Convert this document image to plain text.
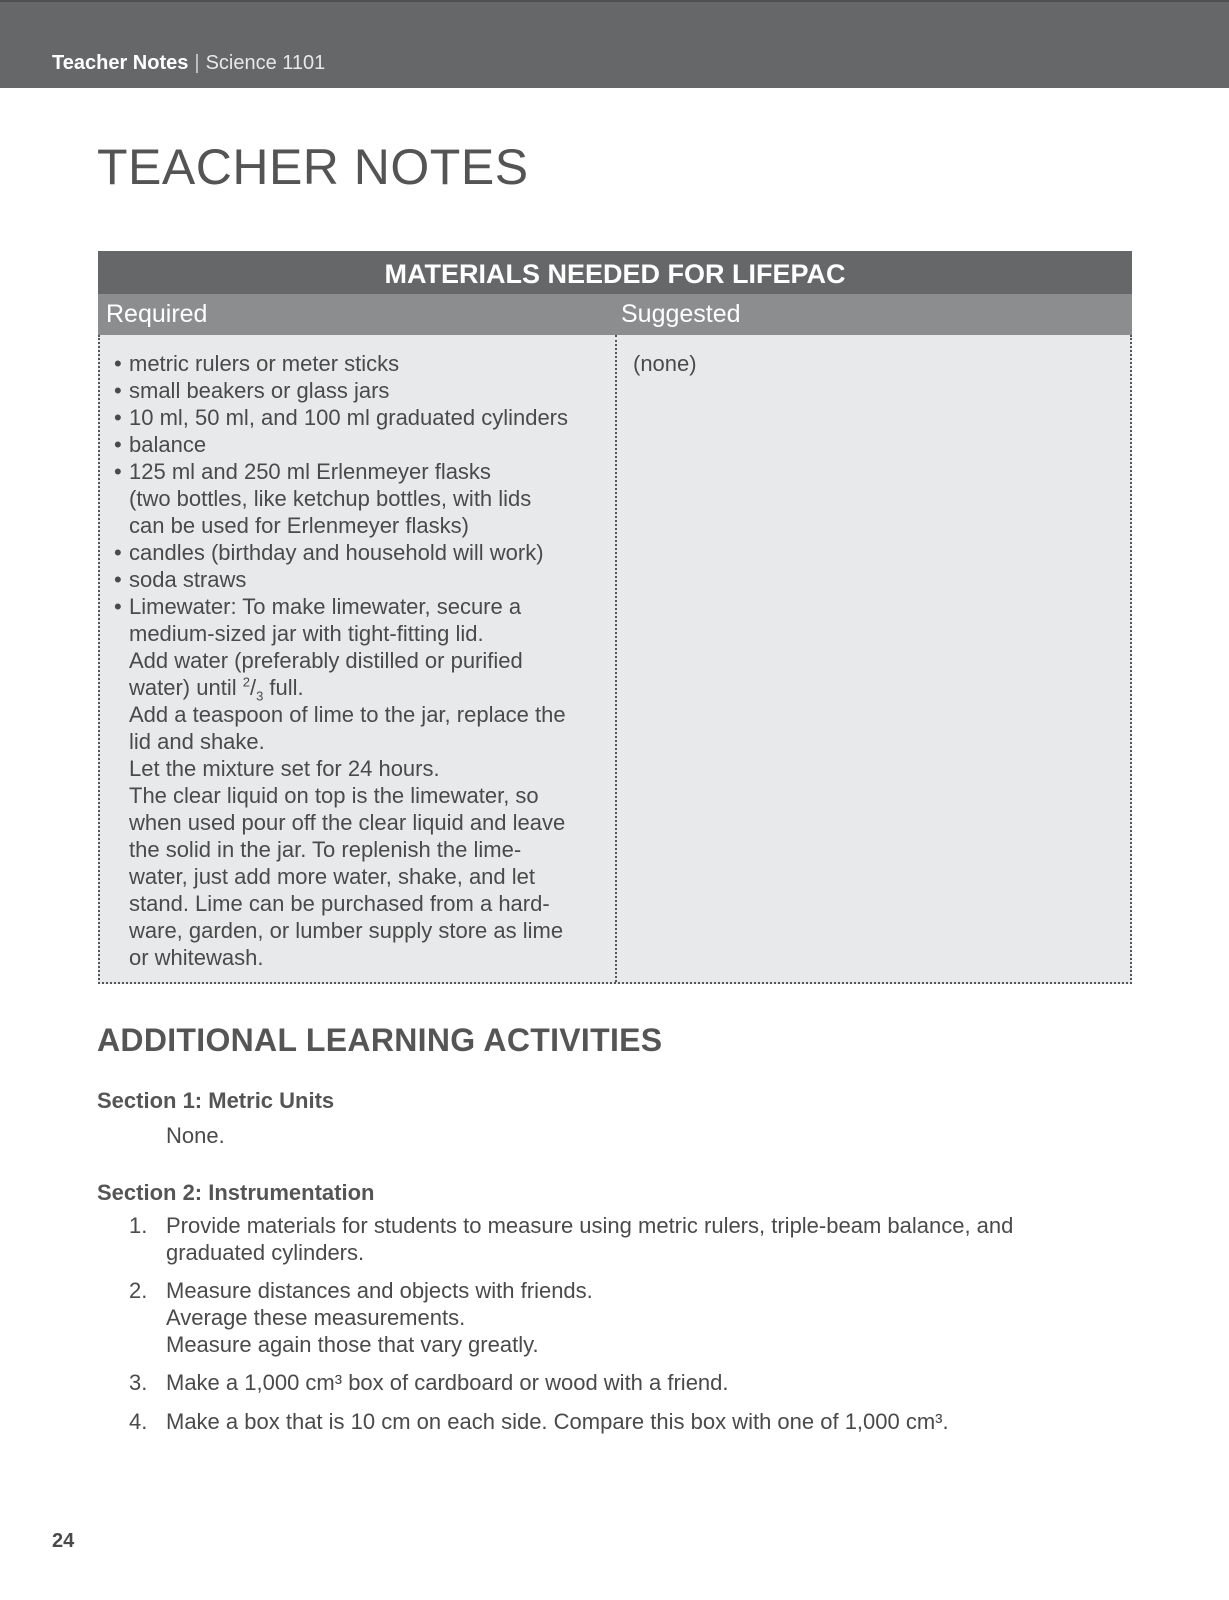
Teacher Notes | Science 1101
TEACHER NOTES
MATERIALS NEEDED FOR LIFEPAC
Required	Suggested
• metric rulers or meter sticks
• small beakers or glass jars
• 10 ml, 50 ml, and 100 ml graduated cylinders
• balance
• 125 ml and 250 ml Erlenmeyer flasks
(two bottles, like ketchup bottles, with lids
can be used for Erlenmeyer flasks)
• candles (birthday and household will work)
• soda straws
• Limewater: To make limewater, secure a
medium-sized jar with tight-fitting lid.
Add water (preferably distilled or purified
water) until $^2/_3$ full.
Add a teaspoon of lime to the jar, replace the
lid and shake.
Let the mixture set for 24 hours.
The clear liquid on top is the limewater, so
when used pour off the clear liquid and leave
the solid in the jar. To replenish the lime-
water, just add more water, shake, and let
stand. Lime can be purchased from a hard-
ware, garden, or lumber supply store as lime
or whitewash.
(none)
ADDITIONAL LEARNING ACTIVITIES
Section 1: Metric Units
None.
Section 2: Instrumentation
1. Provide materials for students to measure using metric rulers, triple-beam balance, and
graduated cylinders.
2. Measure distances and objects with friends.
Average these measurements.
Measure again those that vary greatly.
3. Make a 1,000 cm³ box of cardboard or wood with a friend.
4. Make a box that is 10 cm on each side. Compare this box with one of 1,000 cm³.
24
